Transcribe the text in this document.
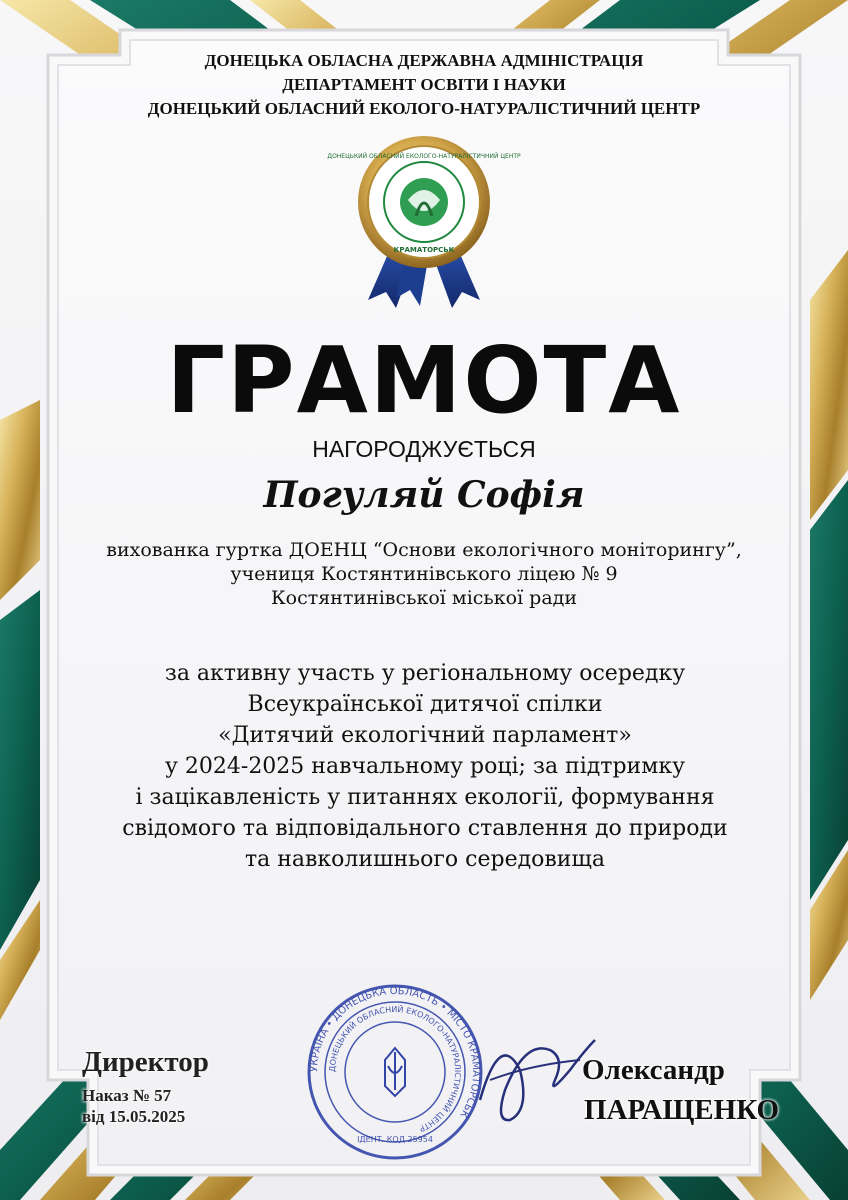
ДОНЕЦЬКА ОБЛАСНА ДЕРЖАВНА АДМІНІСТРАЦІЯ
ДЕПАРТАМЕНТ ОСВІТИ І НАУКИ
ДОНЕЦЬКИЙ ОБЛАСНИЙ ЕКОЛОГО-НАТУРАЛІСТИЧНИЙ ЦЕНТР
ДОНЕЦЬКИЙ ОБЛАСНИЙ ЕКОЛОГО-НАТУРАЛІСТИЧНИЙ ЦЕНТР
КРАМАТОРСЬК
ГРАМОТА
НАГОРОДЖУЄТЬСЯ
Погуляй Софія
вихованка гуртка ДОЕНЦ “Основи екологічного моніторингу”,
учениця Костянтинівського ліцею № 9
Костянтинівської міської ради
за активну участь у регіональному осередку
Всеукраїнської дитячої спілки
«Дитячий екологічний парламент»
у 2024-2025 навчальному році; за підтримку
і зацікавленість у питаннях екології, формування
свідомого та відповідального ставлення до природи
та навколишнього середовища
УКРАЇНА • ДОНЕЦЬКА ОБЛАСТЬ • МІСТО КРАМАТОРСЬК
ДОНЕЦЬКИЙ ОБЛАСНИЙ ЕКОЛОГО-НАТУРАЛІСТИЧНИЙ ЦЕНТР
ІДЕНТ. КОД 25954
Директор
Наказ № 57
від 15.05.2025
Олександр
ПАРАЩЕНКО
